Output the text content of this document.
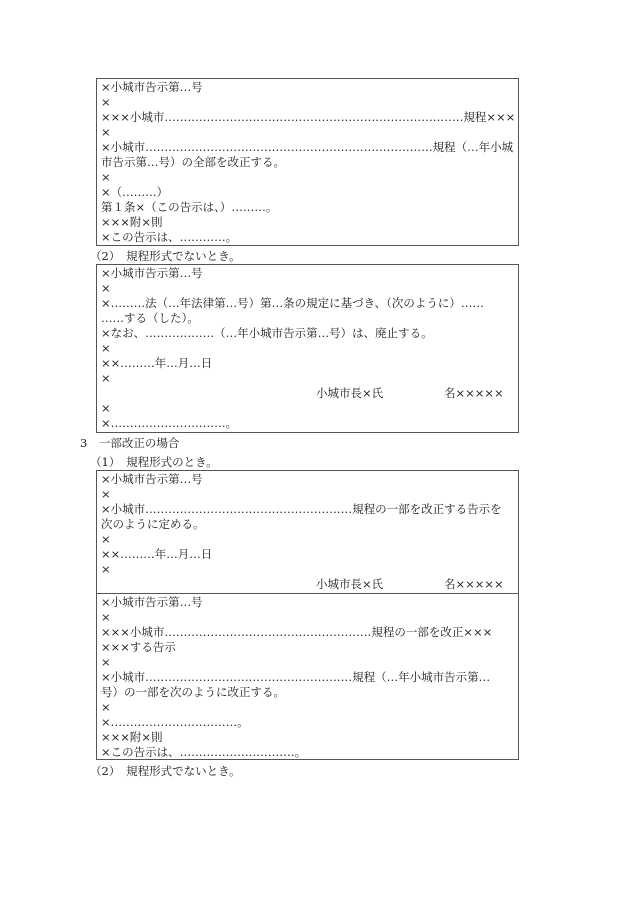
×小城市告示第…号
×
×××小城市……………………………………………………………………規程×××
×
×小城市…………………………………………………………………規程（…年小城
市告示第…号）の全部を改正する。
×
×（………）
第１条×（この告示は、）………。
×××附×則
×この告示は、…………。
（2）　規程形式でないとき。
×小城市告示第…号
×
×………法（…年法律第…号）第…条の規定に基づき、（次のように）……
……する（した）。
×なお、………………（…年小城市告示第…号）は、廃止する。
×
××………年…月…日
×

小城市長×氏

	名×××××

×
×…………………………。
3　一部改正の場合
（1）　規程形式のとき。
×小城市告示第…号
×
×小城市………………………………………………規程の一部を改正する告示を
次のように定める。
×
××………年…月…日
×

小城市長×氏

	名×××××

×小城市告示第…号
×
×××小城市………………………………………………規程の一部を改正×××
×××する告示
×
×小城市………………………………………………規程（…年小城市告示第…
号）の一部を次のように改正する。
×
×……………………………。
×××附×則
×この告示は、…………………………。
（2）　規程形式でないとき。
